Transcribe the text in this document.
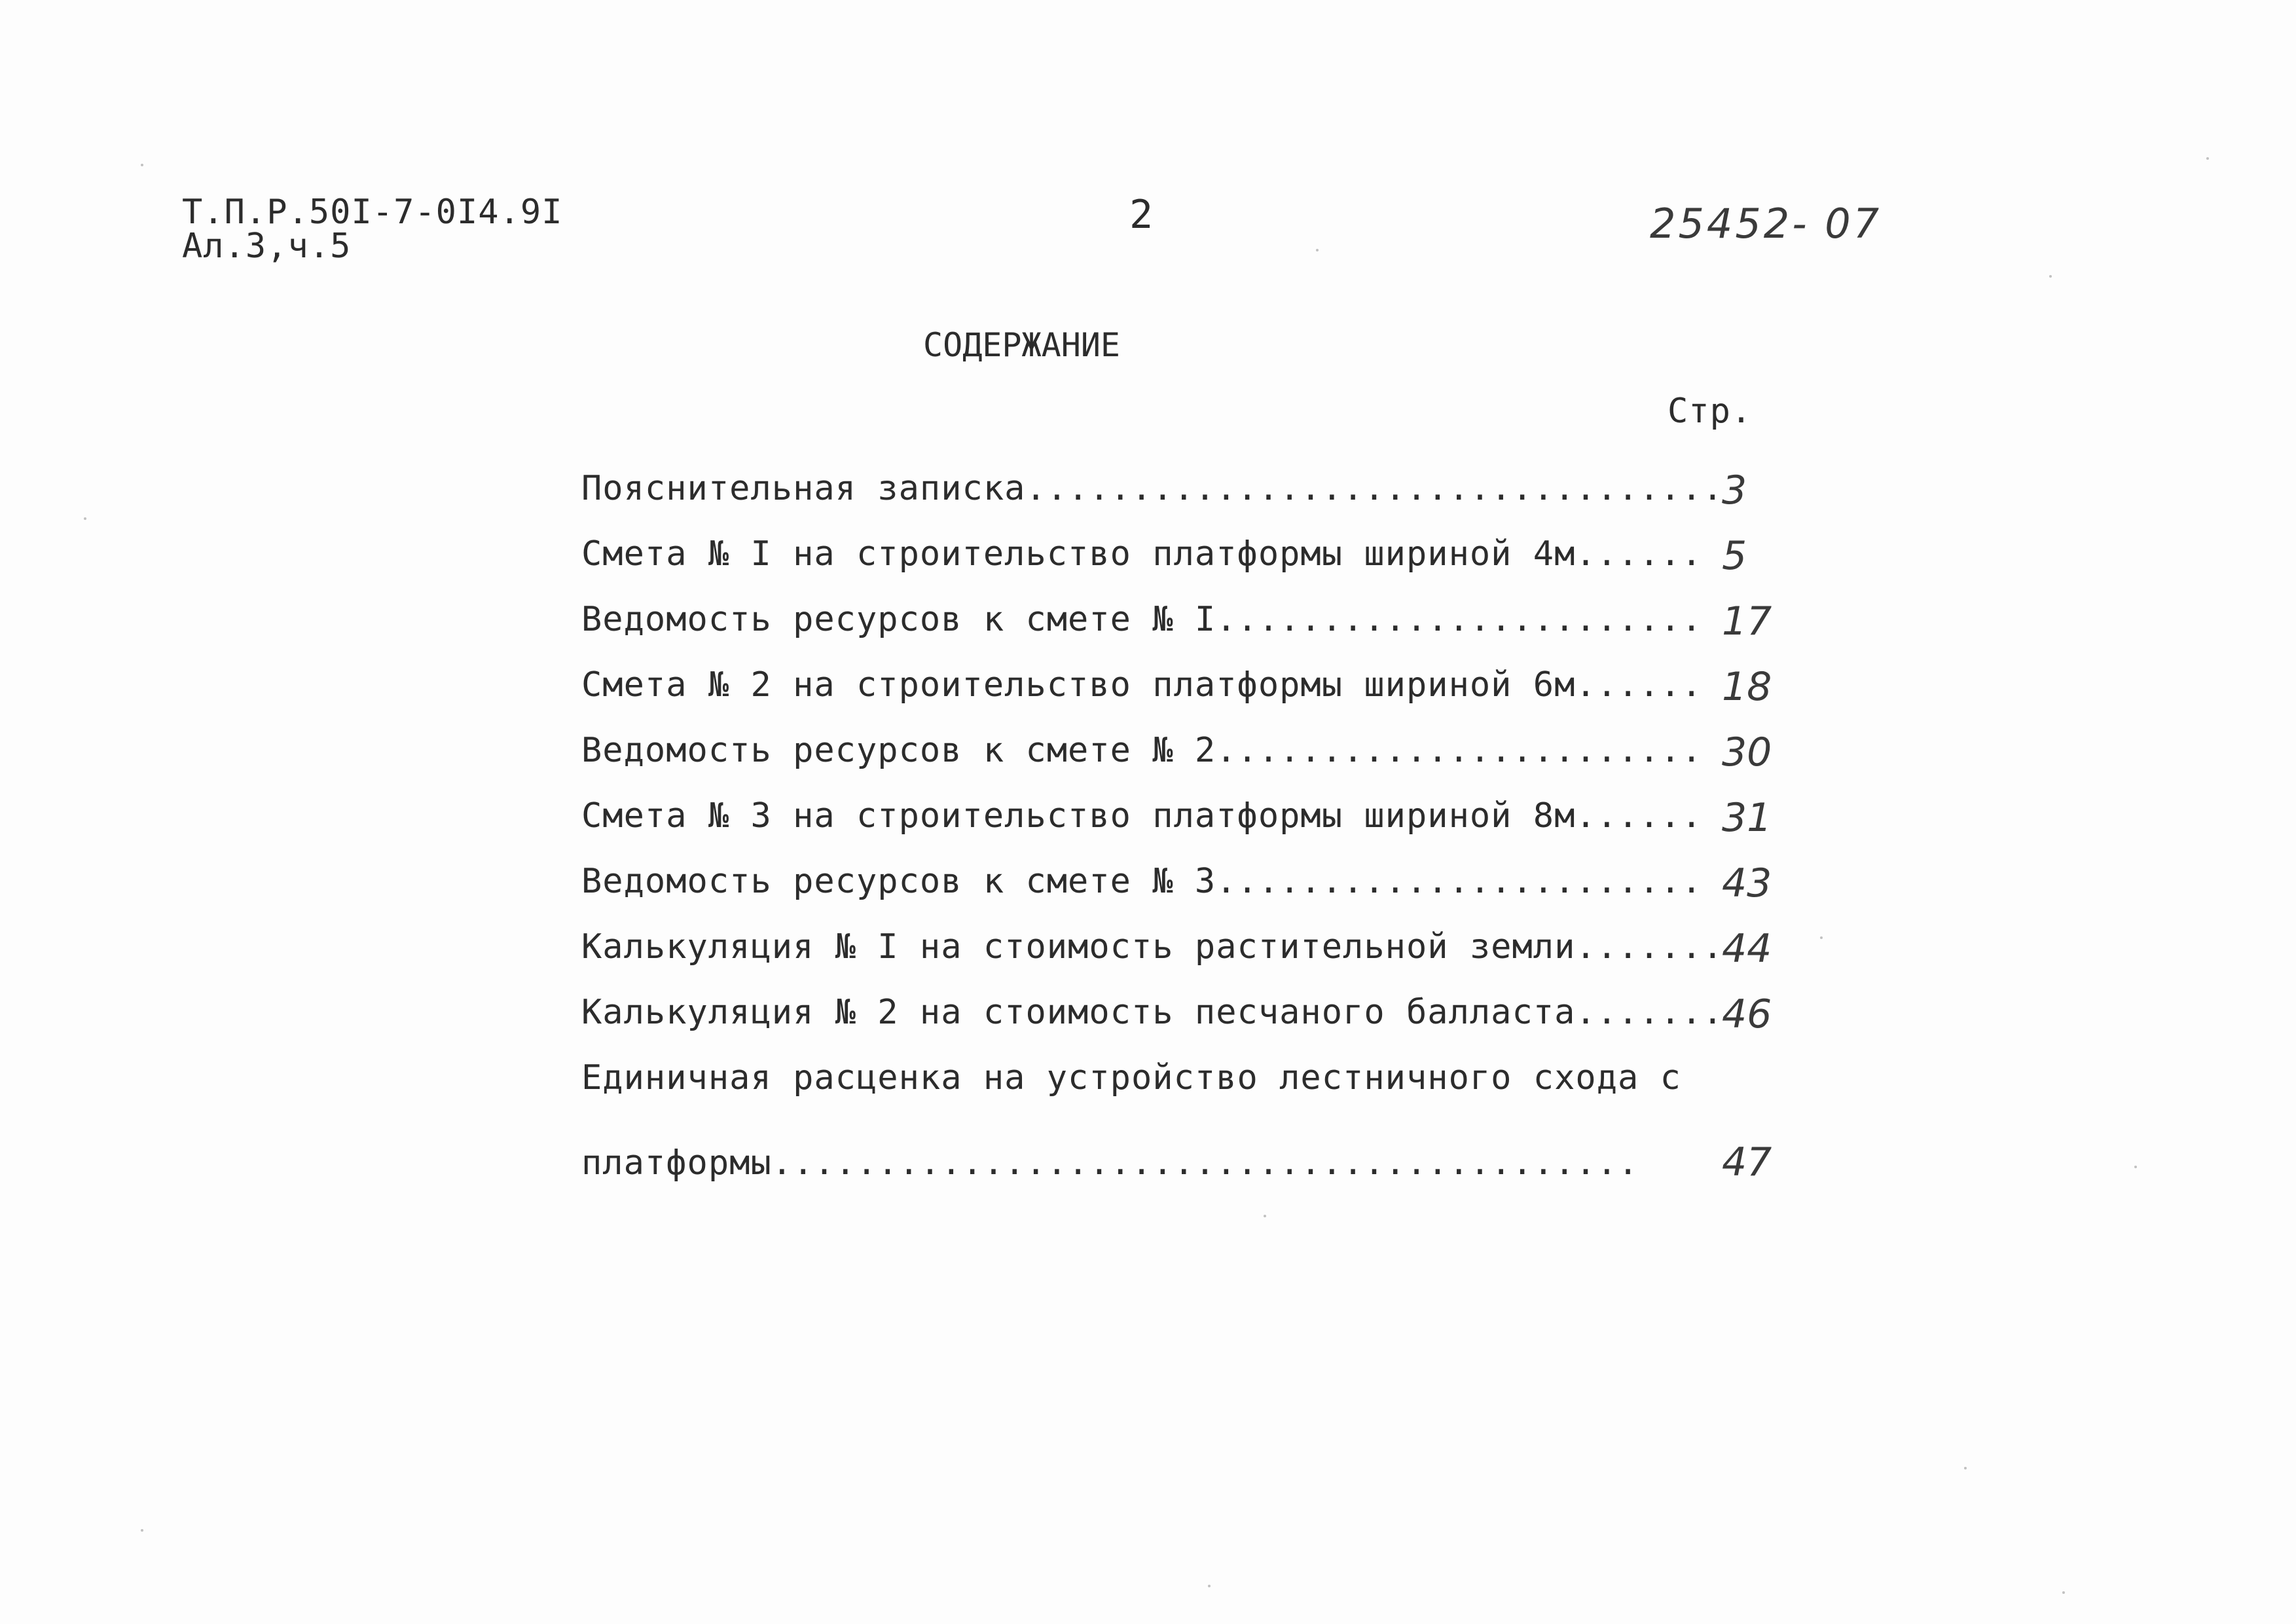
Т.П.Р.50I-7-0I4.9I
Ал.3,ч.5
2	25452- 07
СОДЕРЖАНИЕ
Стр.
Пояснительная записка.................................
3
Смета № I на строительство платформы шириной 4м...... 5
Ведомость ресурсов к смете № I....................... 17
Смета № 2 на строительство платформы шириной 6м...... 18
Ведомость ресурсов к смете № 2....................... 30
Смета № 3 на строительство платформы шириной 8м...... 31
Ведомость ресурсов к смете № 3....................... 43
Калькуляция № I на стоимость растительной земли.......
44
Калькуляция № 2 на стоимость песчаного балласта.......
46
Единичная расценка на устройство лестничного схода с
платформы......................................... 47
